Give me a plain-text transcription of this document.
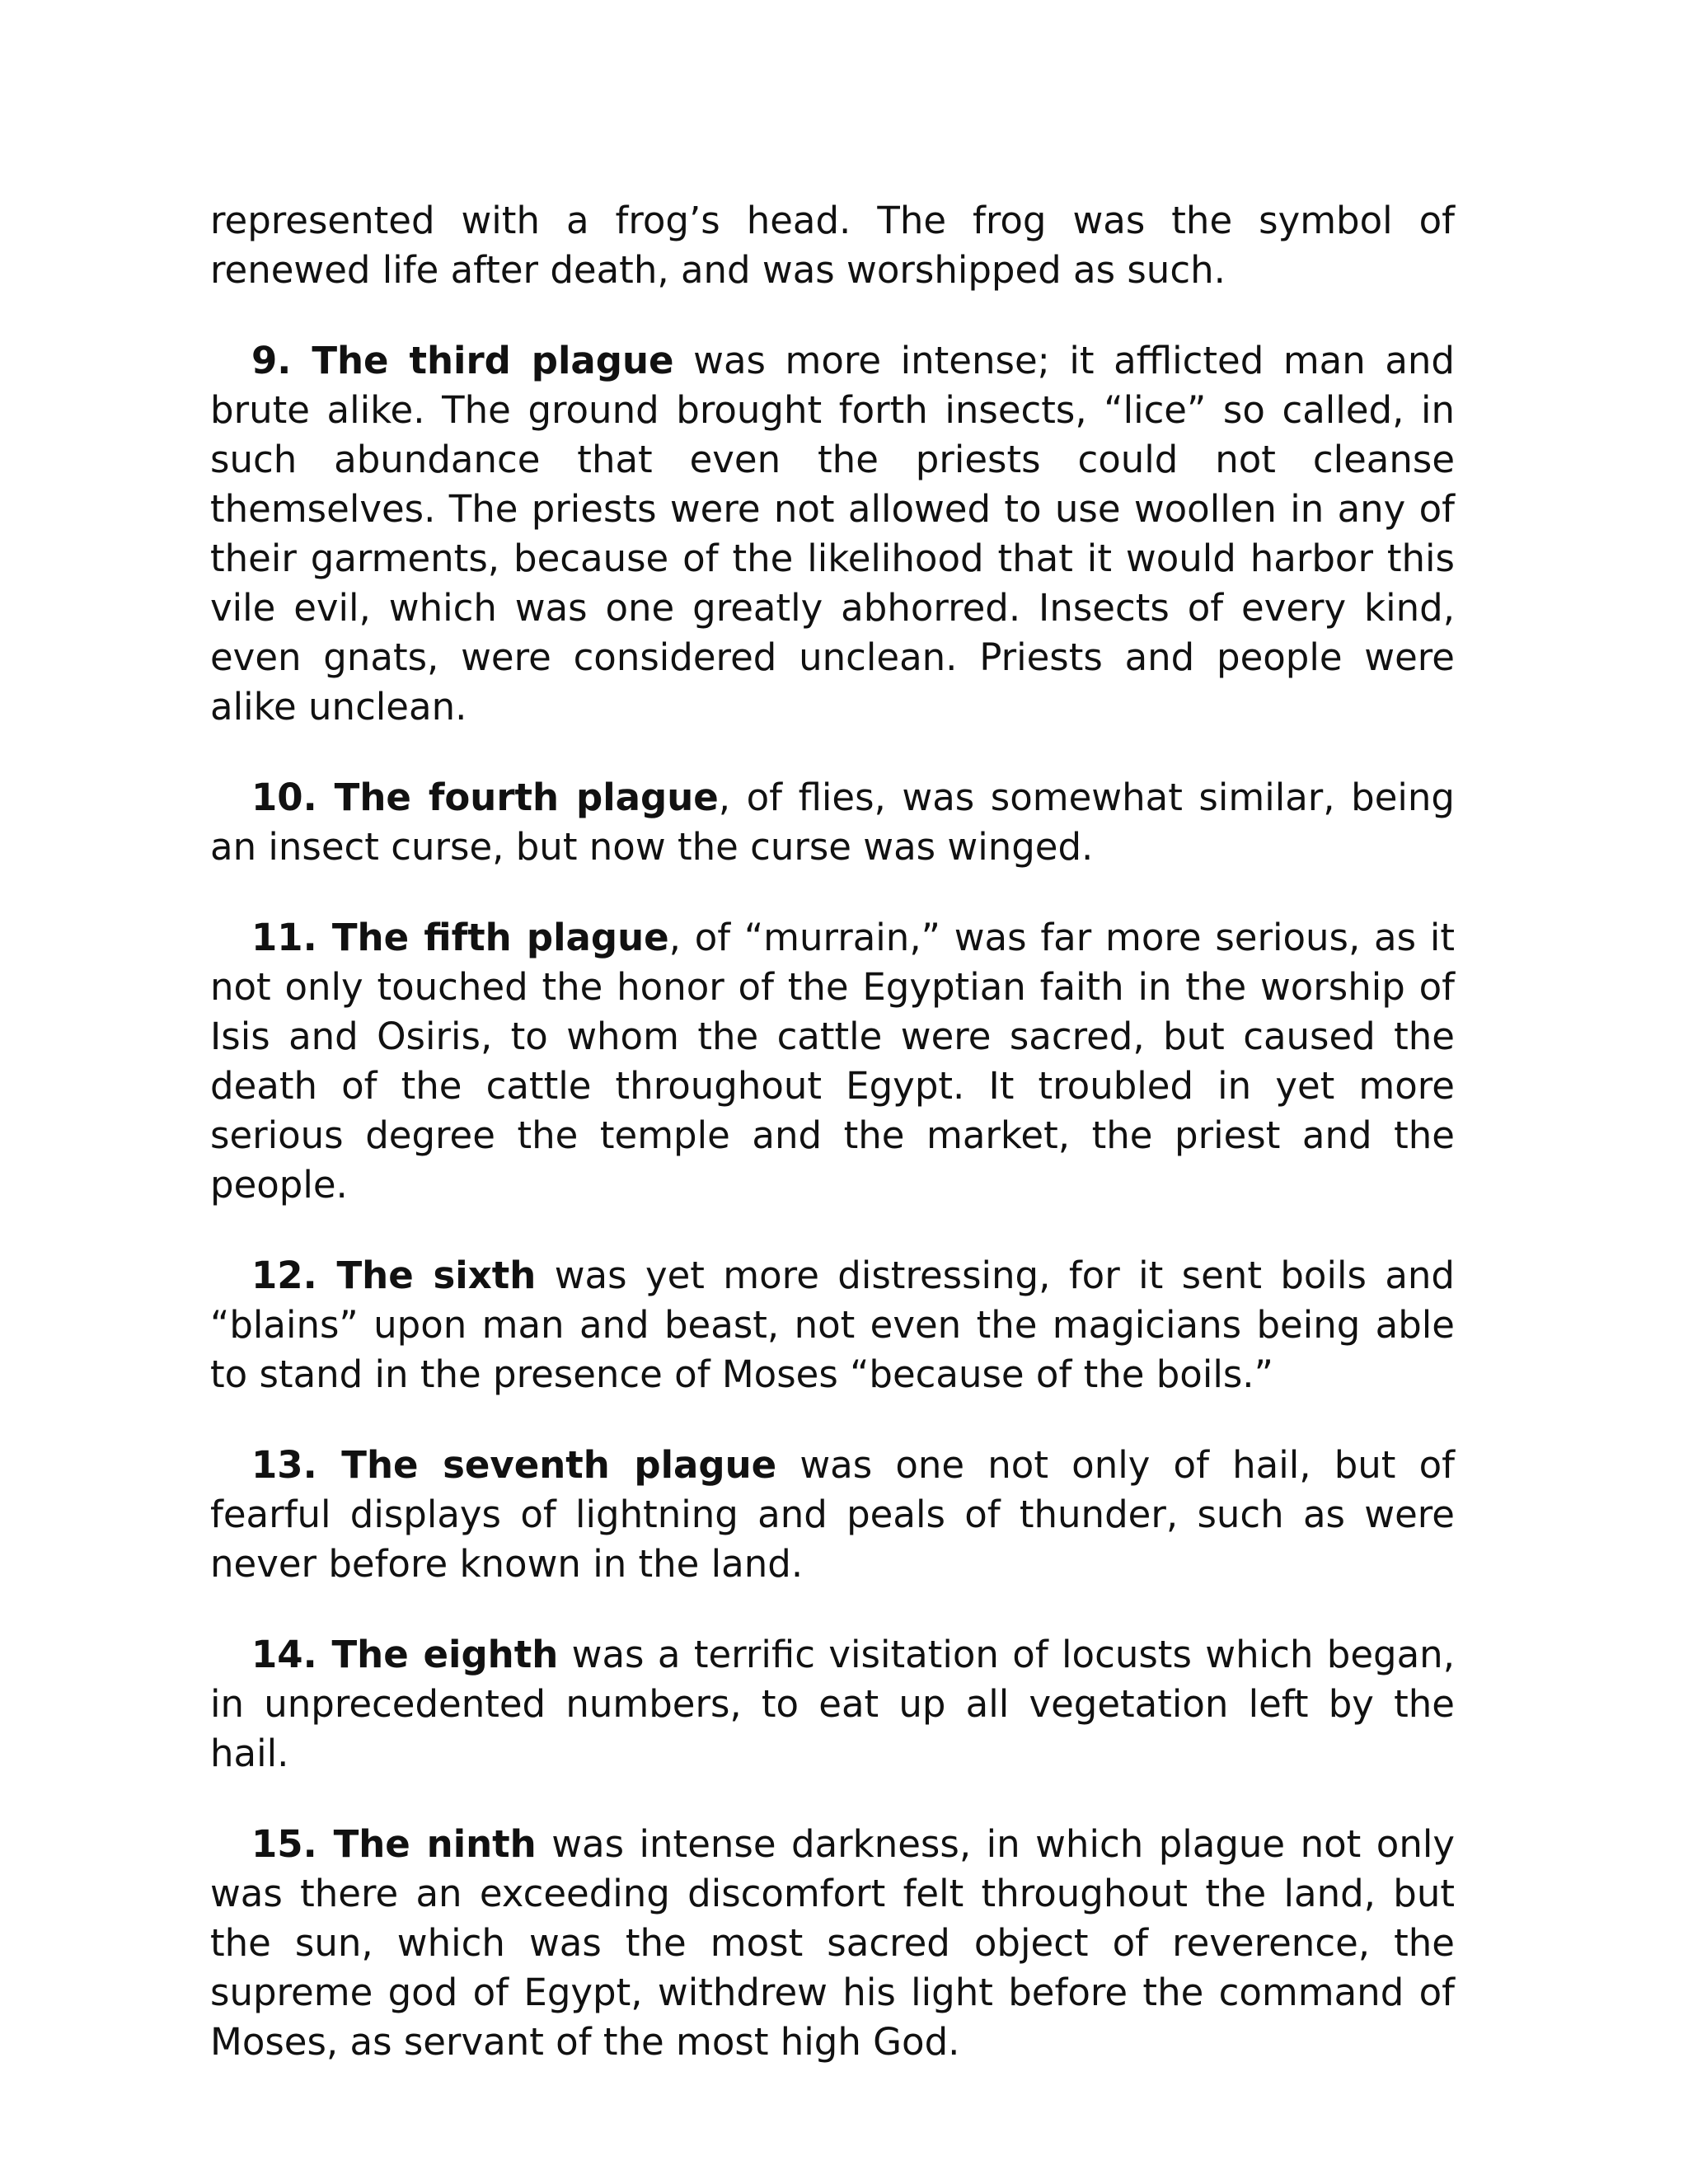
represented with a frog’s head. The frog was the symbol of renewed life after death, and was worshipped as such.

9. The third plague was more intense; it afflicted man and brute alike. The ground brought forth insects, “lice” so called, in such abundance that even the priests could not cleanse themselves. The priests were not allowed to use woollen in any of their garments, because of the likelihood that it would harbor this vile evil, which was one greatly abhorred. Insects of every kind, even gnats, were considered unclean. Priests and people were alike unclean.

10. The fourth plague, of flies, was somewhat similar, being an insect curse, but now the curse was winged.

11. The fifth plague, of “murrain,” was far more serious, as it not only touched the honor of the Egyptian faith in the worship of Isis and Osiris, to whom the cattle were sacred, but caused the death of the cattle throughout Egypt. It troubled in yet more serious degree the temple and the market, the priest and the people.

12. The sixth was yet more distressing, for it sent boils and “blains” upon man and beast, not even the magicians being able to stand in the presence of Moses “because of the boils.”

13. The seventh plague was one not only of hail, but of fearful displays of lightning and peals of thunder, such as were never before known in the land.

14. The eighth was a terrific visitation of locusts which began, in unprecedented numbers, to eat up all vegetation left by the hail.

15. The ninth was intense darkness, in which plague not only was there an exceeding discomfort felt throughout the land, but the sun, which was the most sacred object of reverence, the supreme god of Egypt, withdrew his light before the command of Moses, as servant of the most high God.
